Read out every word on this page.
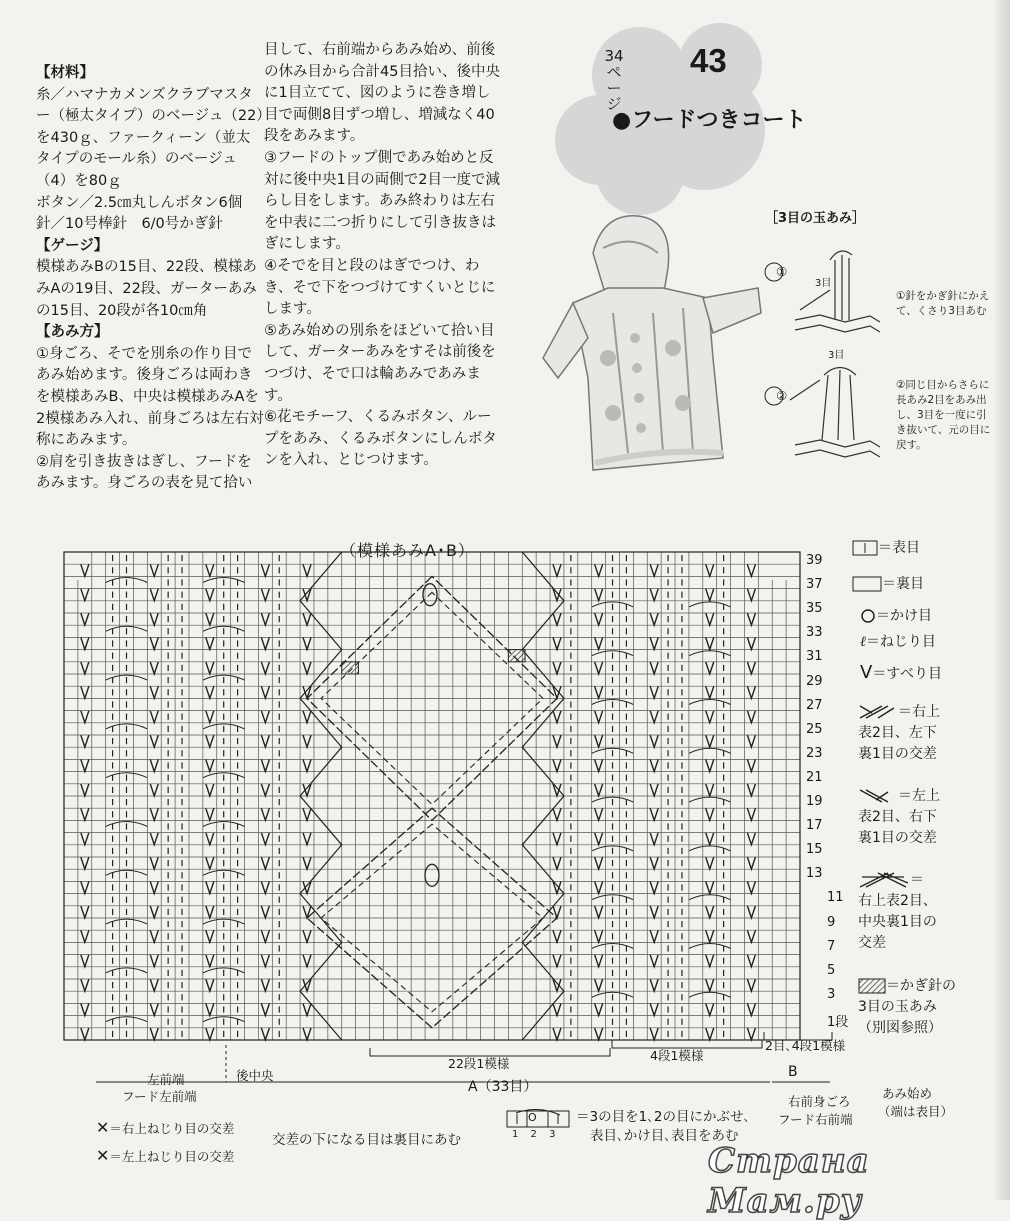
【材料】

糸／ハマナカメンズクラブマスター（極太タイプ）のベージュ（22）を430ｇ、ファークィーン（並太タイプのモール糸）のベージュ（4）を80ｇ

ボタン／2.5㎝丸しんボタン6個

針／10号棒針　6/0号かぎ針

【ゲージ】

模様あみBの15目、22段、模様あみAの19目、22段、ガーターあみの15目、20段が各10㎝角

【あみ方】

①身ごろ、そでを別糸の作り目であみ始めます。後身ごろは両わきを模様あみB、中央は模様あみAを2模様あみ入れ、前身ごろは左右対称にあみます。

②肩を引き抜きはぎし、フードをあみます。身ごろの表を見て拾い

目して、右前端からあみ始め、前後の休み目から合計45目拾い、後中央に1目立てて、図のように巻き増し目で両側8目ずつ増し、増減なく40段をあみます。

③フードのトップ側であみ始めと反対に後中央1目の両側で2目一度で減らし目をします。あみ終わりは左右を中表に二つ折りにして引き抜きはぎにします。

④そでを目と段のはぎでつけ、わき、そで下をつづけてすくいとじにします。

⑤あみ始めの別糸をほどいて拾い目して、ガーターあみをすそは前後をつづけ、そで口は輪あみであみます。

⑥花モチーフ、くるみボタン、ループをあみ、くるみボタンにしんボタンを入れ、とじつけます。

34ページ
43
●フードつきコート
［3目の玉あみ］
①
②
3目
3目
①針をかぎ針にかえて、くさり3目あむ
②同じ目からさらに長あみ2目をあみ出し、3目を一度に引き抜いて、元の目に戻す。
（模様あみA･B）
39
37
35
33
31
29
27
25
23
21
19
17
15
13
11
9
7
5
3
1段
＝表目
＝裏目
＝かけ目
ℓ＝ねじり目
V＝すべり目
＝右上
表2目、左下
裏1目の交差
＝左上
表2目、右下
裏1目の交差
＝
右上表2目、
中央裏1目の
交差
＝かぎ針の
3目の玉あみ
（別図参照）
22段1模様
4段1模様
2目､4段1模様
A（33目）
B
左前端
フード左前端
後中央
右前身ごろ
フード右前端
あみ始め
（端は表目）
✕＝右上ねじり目の交差
✕＝左上ねじり目の交差
交差の下になる目は裏目にあむ
O
1 2 3
＝3の目を1､2の目にかぶせ､
表目､かけ目､表目をあむ
Страна Мам.ру
